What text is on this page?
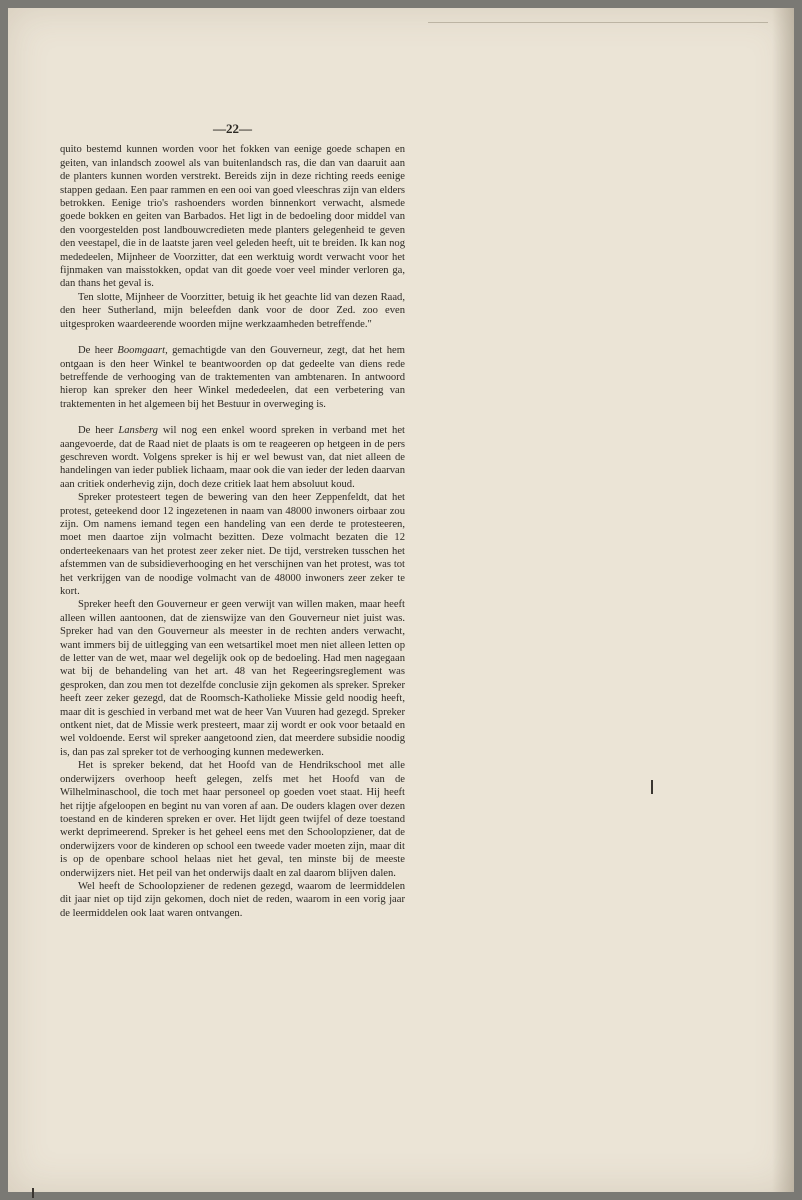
—22—

quito bestemd kunnen worden voor het fokken van eenige goede schapen en geiten, van inlandsch zoowel als van buitenlandsch ras, die dan van daaruit aan de planters kunnen worden verstrekt. Bereids zijn in deze richting reeds eenige stappen gedaan. Een paar rammen en een ooi van goed vleeschras zijn van elders betrokken. Eenige trio's rashoenders worden binnenkort verwacht, alsmede goede bokken en geiten van Barbados. Het ligt in de bedoeling door middel van den voorgestelden post landbouwcredieten mede planters gelegenheid te geven den veestapel, die in de laatste jaren veel geleden heeft, uit te breiden. Ik kan nog mededeelen, Mijnheer de Voorzitter, dat een werktuig wordt verwacht voor het fijnmaken van maisstokken, opdat van dit goede voer veel minder verloren ga, dan thans het geval is.

Ten slotte, Mijnheer de Voorzitter, betuig ik het geachte lid van dezen Raad, den heer Sutherland, mijn beleefden dank voor de door Zed. zoo even uitgesproken waardeerende woorden mijne werkzaamheden betreffende."

De heer Boomgaart, gemachtigde van den Gouverneur, zegt, dat het hem ontgaan is den heer Winkel te beantwoorden op dat gedeelte van diens rede betreffende de verhooging van de traktementen van ambtenaren. In antwoord hierop kan spreker den heer Winkel mededeelen, dat een verbetering van traktementen in het algemeen bij het Bestuur in overweging is.

De heer Lansberg wil nog een enkel woord spreken in verband met het aangevoerde, dat de Raad niet de plaats is om te reageeren op hetgeen in de pers geschreven wordt. Volgens spreker is hij er wel bewust van, dat niet alleen de handelingen van ieder publiek lichaam, maar ook die van ieder der leden daarvan aan critiek onderhevig zijn, doch deze critiek laat hem absoluut koud.

Spreker protesteert tegen de bewering van den heer Zeppenfeldt, dat het protest, geteekend door 12 ingezetenen in naam van 48000 inwoners oirbaar zou zijn. Om namens iemand tegen een handeling van een derde te protesteeren, moet men daartoe zijn volmacht bezitten. Deze volmacht bezaten die 12 onderteekenaars van het protest zeer zeker niet. De tijd, verstreken tusschen het afstemmen van de subsidieverhooging en het verschijnen van het protest, was tot het verkrijgen van de noodige volmacht van de 48000 inwoners zeer zeker te kort.

Spreker heeft den Gouverneur er geen verwijt van willen maken, maar heeft alleen willen aantoonen, dat de zienswijze van den Gouverneur niet juist was. Spreker had van den Gouverneur als meester in de rechten anders verwacht, want immers bij de uitlegging van een wetsartikel moet men niet alleen letten op de letter van de wet, maar wel degelijk ook op de bedoeling. Had men nagegaan wat bij de behandeling van het art. 48 van het Regeeringsreglement was gesproken, dan zou men tot dezelfde conclusie zijn gekomen als spreker. Spreker heeft zeer zeker gezegd, dat de Roomsch-Katholieke Missie geld noodig heeft, maar dit is geschied in verband met wat de heer Van Vuuren had gezegd. Spreker ontkent niet, dat de Missie werk presteert, maar zij wordt er ook voor betaald en wel voldoende. Eerst wil spreker aangetoond zien, dat meerdere subsidie noodig is, dan pas zal spreker tot de verhooging kunnen medewerken.

Het is spreker bekend, dat het Hoofd van de Hendrikschool met alle onderwijzers overhoop heeft gelegen, zelfs met het Hoofd van de Wilhelminaschool, die toch met haar personeel op goeden voet staat. Hij heeft het rijtje afgeloopen en begint nu van voren af aan. De ouders klagen over dezen toestand en de kinderen spreken er over. Het lijdt geen twijfel of deze toestand werkt deprimeerend. Spreker is het geheel eens met den Schoolopziener, dat de onderwijzers voor de kinderen op school een tweede vader moeten zijn, maar dit is op de openbare school helaas niet het geval, ten minste bij de meeste onderwijzers niet. Het peil van het onderwijs daalt en zal daarom blijven dalen.

Wel heeft de Schoolopziener de redenen gezegd, waarom de leermiddelen dit jaar niet op tijd zijn gekomen, doch niet de reden, waarom in een vorig jaar de leermiddelen ook laat waren ontvangen.
